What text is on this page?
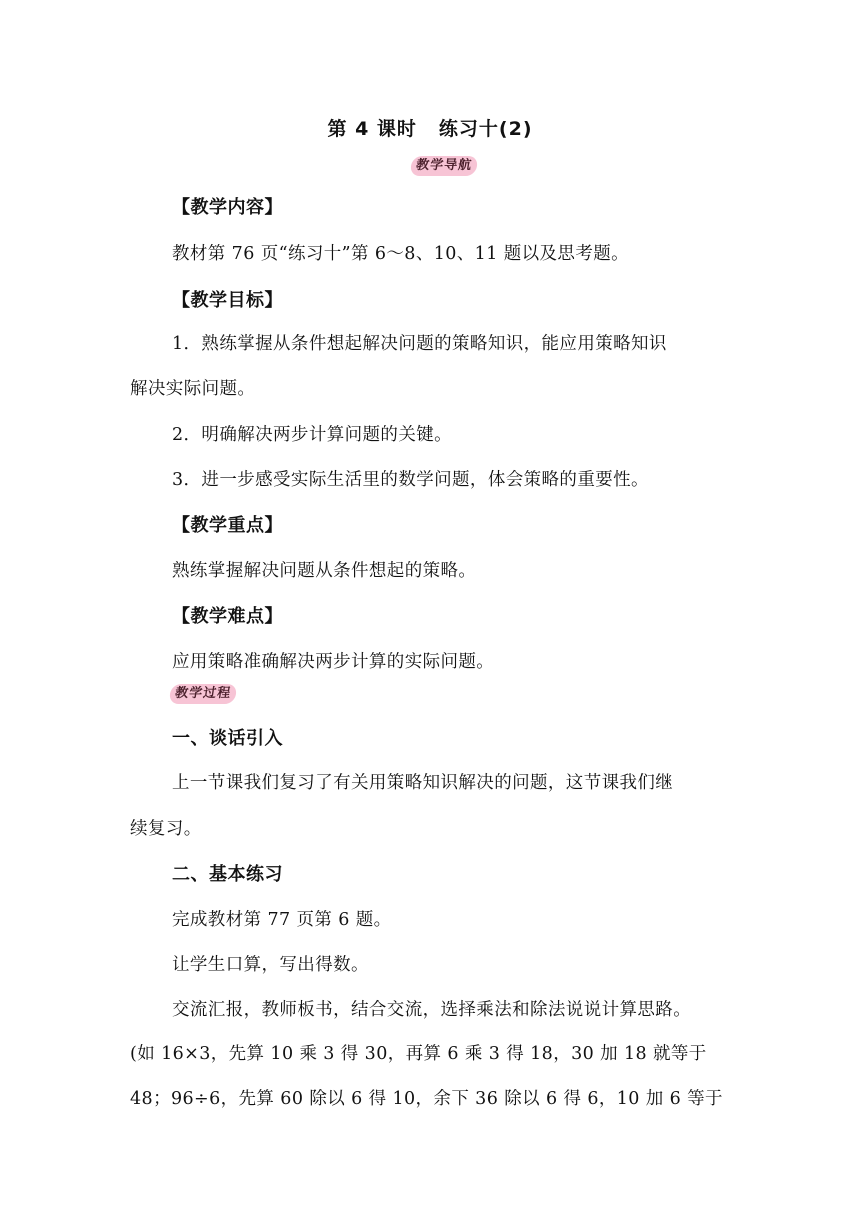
第 4 课时 练习十(2)
教学导航
【教学内容】
教材第 76 页“练习十”第 6～8、10、11 题以及思考题。
【教学目标】
1．熟练掌握从条件想起解决问题的策略知识，能应用策略知识
解决实际问题。
2．明确解决两步计算问题的关键。
3．进一步感受实际生活里的数学问题，体会策略的重要性。
【教学重点】
熟练掌握解决问题从条件想起的策略。
【教学难点】
应用策略准确解决两步计算的实际问题。
教学过程
一、谈话引入
上一节课我们复习了有关用策略知识解决的问题，这节课我们继
续复习。
二、基本练习
完成教材第 77 页第 6 题。
让学生口算，写出得数。
交流汇报，教师板书，结合交流，选择乘法和除法说说计算思路。
(如 16×3，先算 10 乘 3 得 30，再算 6 乘 3 得 18，30 加 18 就等于
48；96÷6，先算 60 除以 6 得 10，余下 36 除以 6 得 6，10 加 6 等于
